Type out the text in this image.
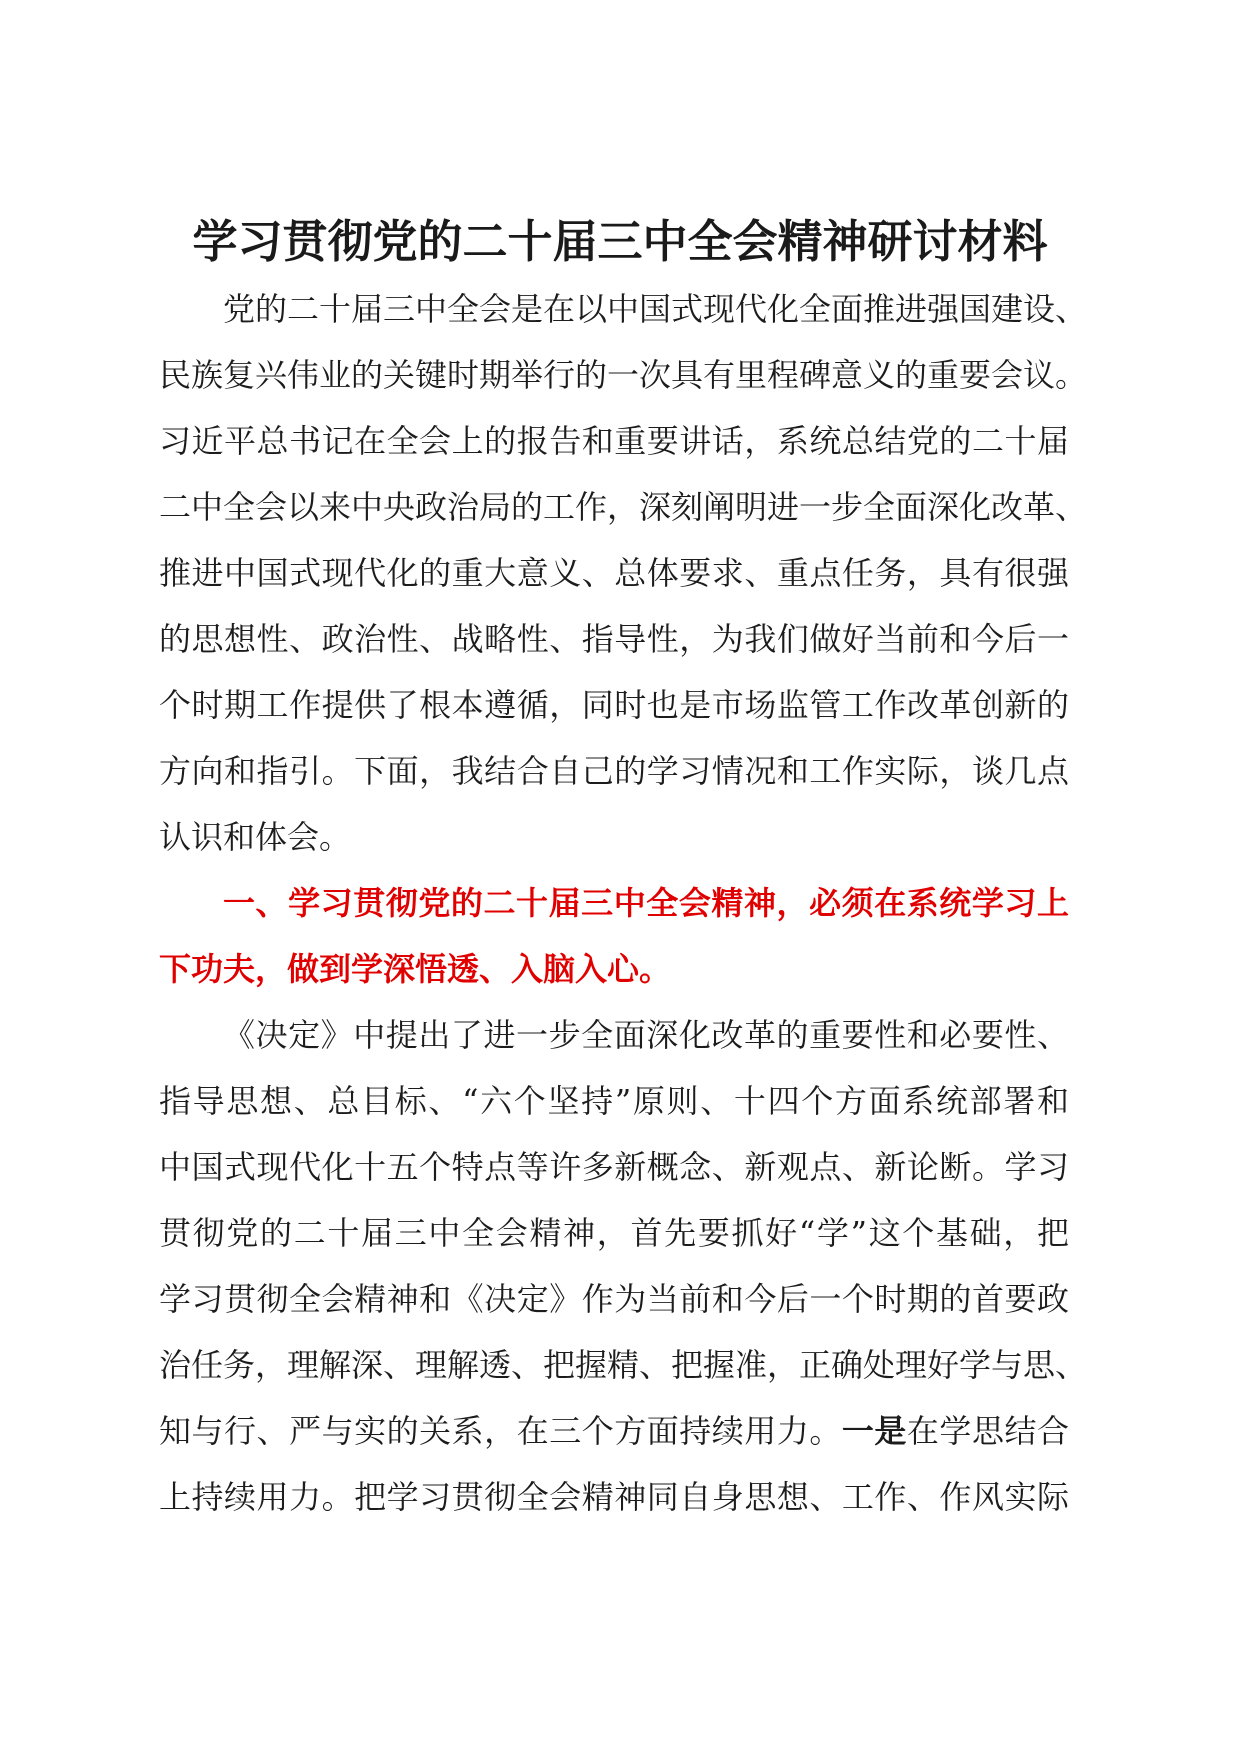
学习贯彻党的二十届三中全会精神研讨材料
党的二十届三中全会是在以中国式现代化全面推进强国建设、
民族复兴伟业的关键时期举行的一次具有里程碑意义的重要会议。
习近平总书记在全会上的报告和重要讲话，系统总结党的二十届
二中全会以来中央政治局的工作，深刻阐明进一步全面深化改革、
推进中国式现代化的重大意义、总体要求、重点任务，具有很强
的思想性、政治性、战略性、指导性，为我们做好当前和今后一
个时期工作提供了根本遵循，同时也是市场监管工作改革创新的
方向和指引。下面，我结合自己的学习情况和工作实际，谈几点
认识和体会。
一、学习贯彻党的二十届三中全会精神，必须在系统学习上
下功夫，做到学深悟透、入脑入心。
《决定》中提出了进一步全面深化改革的重要性和必要性、
指导思想、总目标、“六个坚持”原则、十四个方面系统部署和
中国式现代化十五个特点等许多新概念、新观点、新论断。学习
贯彻党的二十届三中全会精神，首先要抓好“学”这个基础，把
学习贯彻全会精神和《决定》作为当前和今后一个时期的首要政
治任务，理解深、理解透、把握精、把握准，正确处理好学与思、
知与行、严与实的关系，在三个方面持续用力。一是在学思结合
上持续用力。把学习贯彻全会精神同自身思想、工作、作风实际
